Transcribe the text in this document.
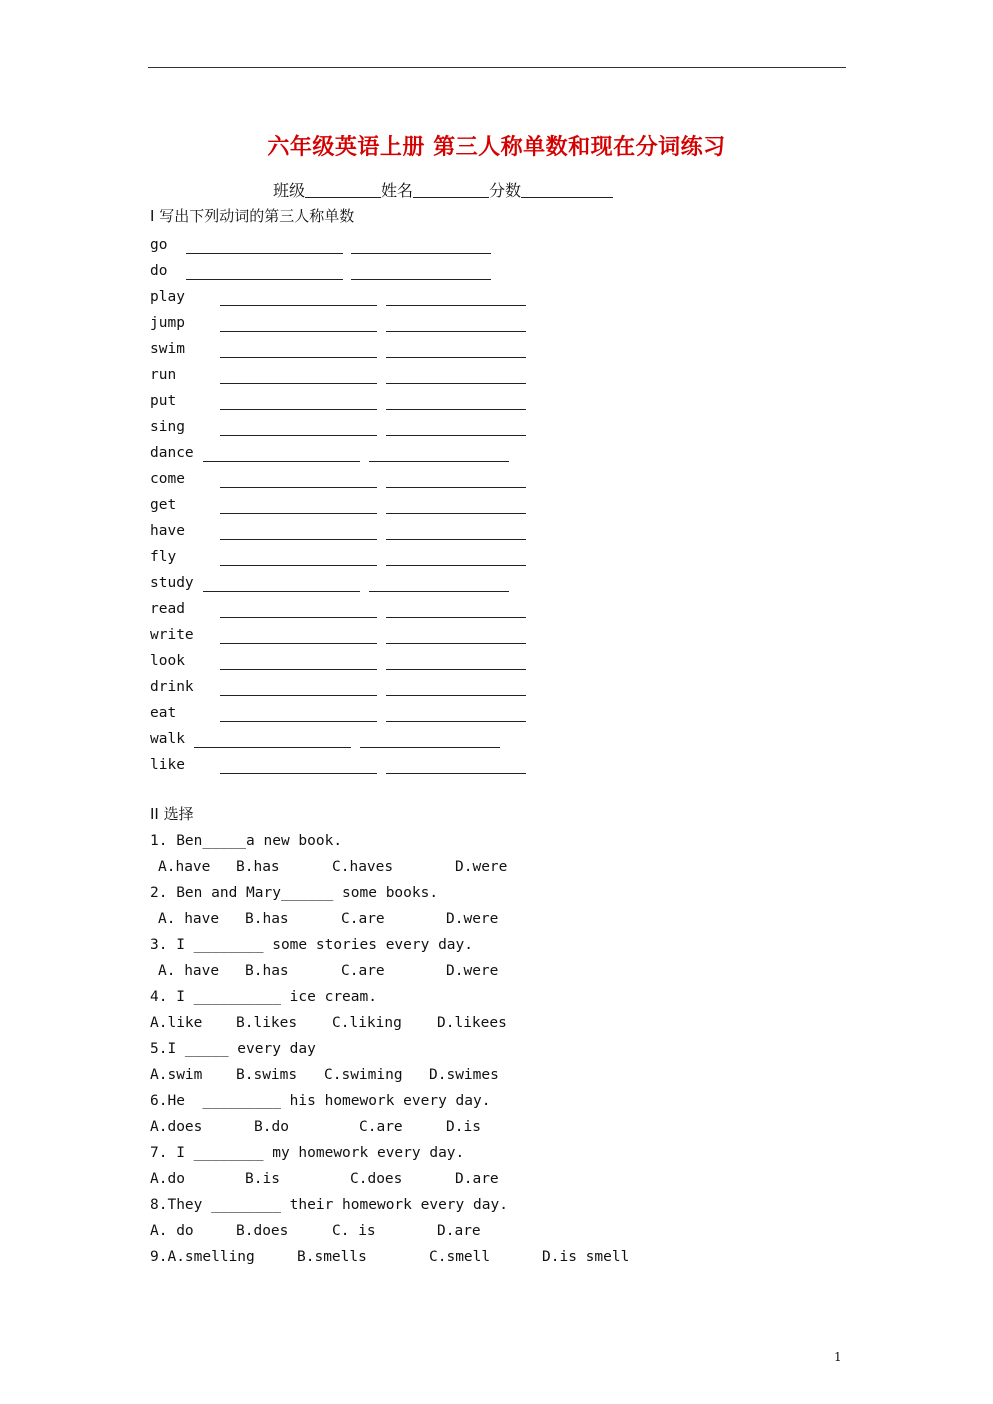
六年级英语上册 第三人称单数和现在分词练习
班级	姓名	分数
I 写出下列动词的第三人称单数
go
do
play
jump
swim
run
put
sing
dance
come
get
have
fly
study
read
write
look
drink
eat
walk
like
II 选择
1. Ben_____a new book.
A.have B.has	C.haves	D.were
2. Ben and Mary______ some books.
A. have B.has	C.are	D.were
3. I ________ some stories every day.
A. have B.has	C.are	D.were
4. I __________ ice cream.
A.like B.likes C.liking D.likees
5.I _____ every day
A.swim B.swims C.swiming D.swimes
6.He  _________ his homework every day.
A.does	B.do	C.are	D.is
7. I ________ my homework every day.
A.do	B.is	C.does	D.are
8.They ________ their homework every day.
A. do	B.does	C. is	D.are
9.A.smelling	B.smells	C.smell	D.is smell
1
